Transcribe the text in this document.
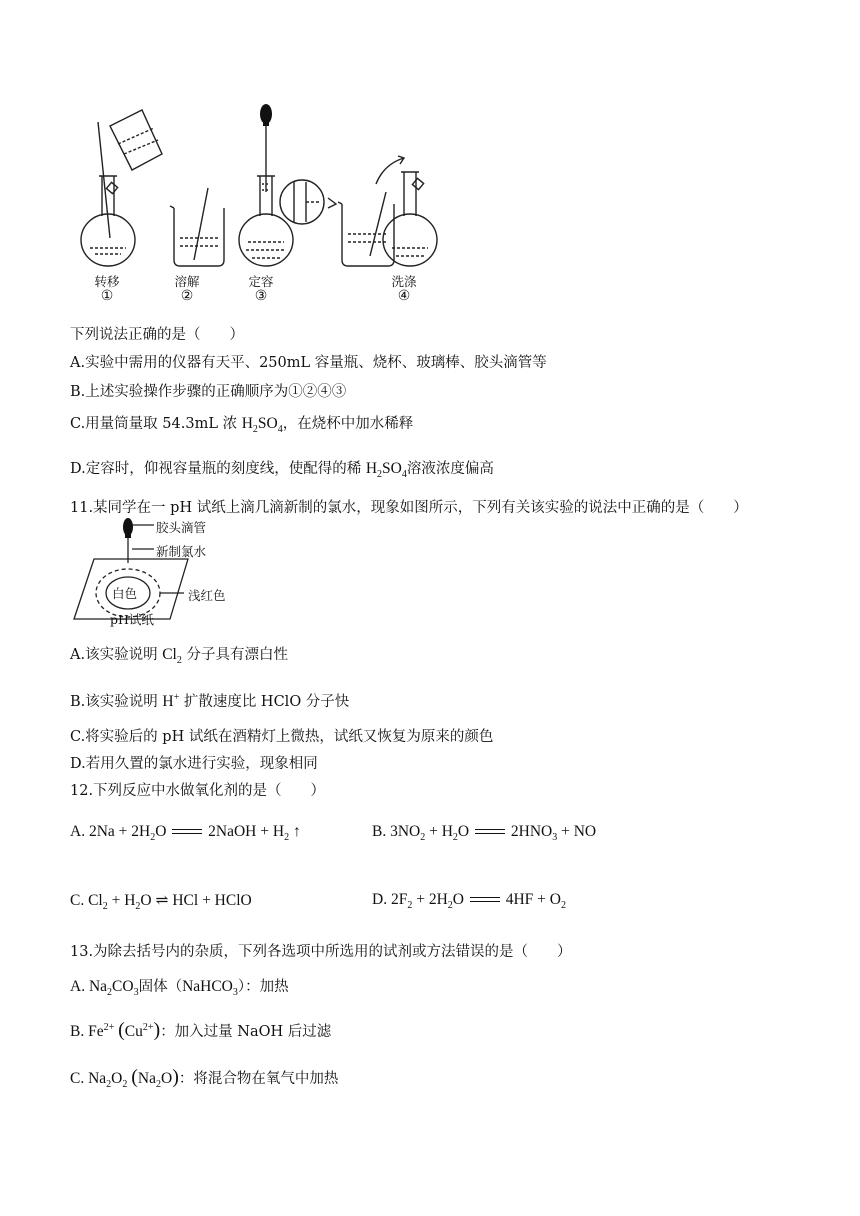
转移
①
溶解
②
定容
③
洗涤
④
下列说法正确的是（　　）
A.实验中需用的仪器有天平、250mL 容量瓶、烧杯、玻璃棒、胶头滴管等
B.上述实验操作步骤的正确顺序为①②④③
C.用量筒量取 54.3mL 浓 $H_2SO_4$，在烧杯中加水稀释
D.定容时，仰视容量瓶的刻度线，使配得的稀 $H_2SO_4$溶液浓度偏高
11.某同学在一 pH 试纸上滴几滴新制的氯水，现象如图所示，下列有关该实验的说法中正确的是（　　）
胶头滴管
新制氯水
白色	浅红色
pH试纸
A.该实验说明 $Cl_2$ 分子具有漂白性
B.该实验说明 H+ 扩散速度比 HClO 分子快
C.将实验后的 pH 试纸在酒精灯上微热，试纸又恢复为原来的颜色
D.若用久置的氯水进行实验，现象相同
12.下列反应中水做氧化剂的是（　　）
A. $2Na + 2H_2O$  2NaOH + $H_2$ ↑	B. $3NO_2 + H_2O$  $2HNO_3$ + NO
C. $Cl_2 + H_2O$ ⇌ HCl + HClO	D. $2F_2 + 2H_2O$  $4HF + O_2$
13.为除去括号内的杂质，下列各选项中所选用的试剂或方法错误的是（　　）
A. $Na_2CO_3$固体（NaHCO$_3$）：加热
B. $Fe^{2+}$ $(Cu^{2+})$：加入过量 NaOH 后过滤
C. $Na_2O_2$ $(Na_2O)$：将混合物在氧气中加热
